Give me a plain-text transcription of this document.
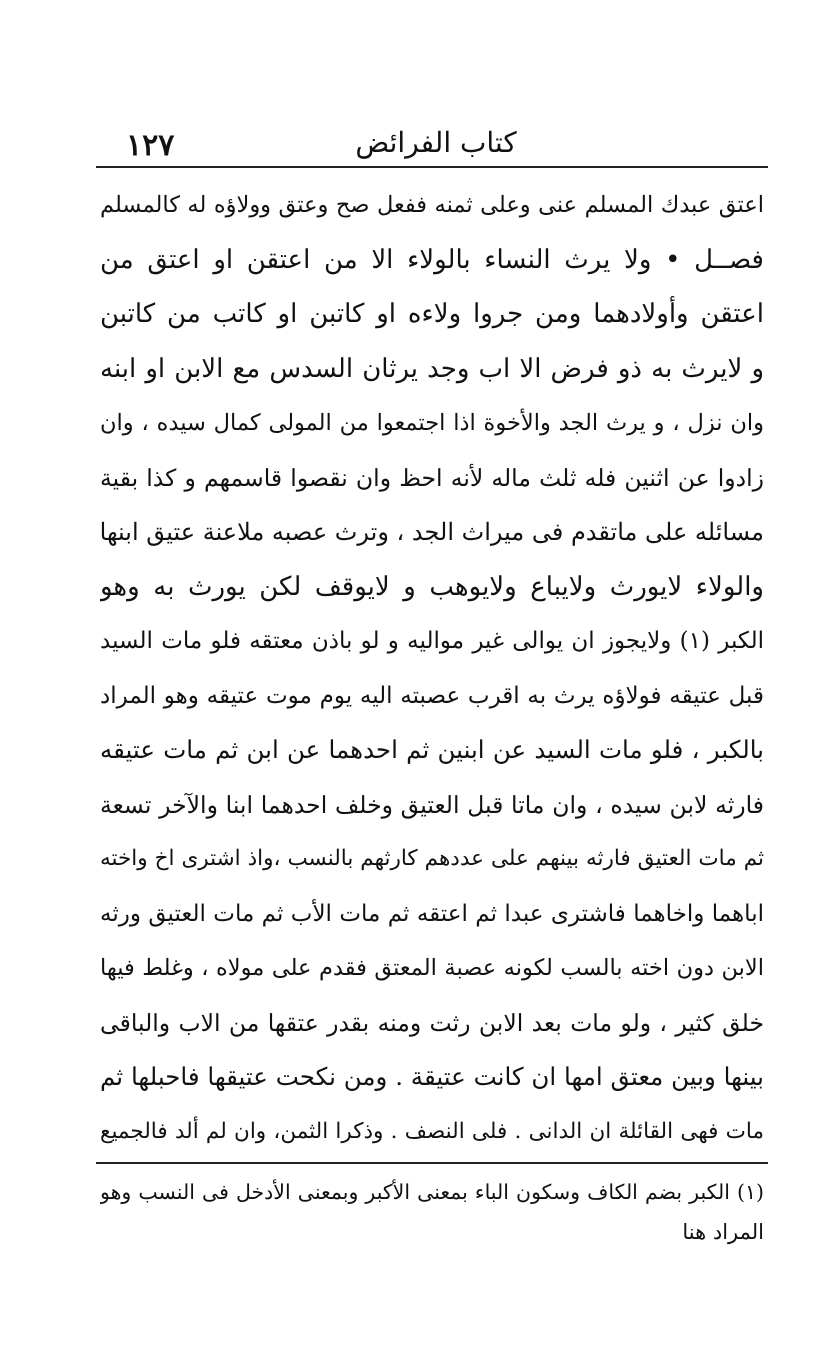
١٢٧	كتاب الفرائض
اعتق عبدك المسلم عنى وعلى ثمنه ففعل صح وعتق وولاؤه له كالمسلم
فصــل • ولا يرث النساء بالولاء الا من اعتقن او اعتق من
اعتقن وأولادهما ومن جروا ولاءه او كاتبن او كاتب من كاتبن
و لايرث به ذو فرض الا اب وجد يرثان السدس مع الابن او ابنه
وان نزل ، و يرث الجد والأخوة اذا اجتمعوا من المولى كمال سيده ، وان
زادوا عن اثنين فله ثلث ماله لأنه احظ وان نقصوا قاسمهم و كذا بقية
مسائله على ماتقدم فى ميراث الجد ، وترث عصبه ملاعنة عتيق ابنها
والولاء لايورث ولايباع ولايوهب و لايوقف لكن يورث به وهو
الكبر (١) ولايجوز ان يوالى غير مواليه و لو باذن معتقه فلو مات السيد
قبل عتيقه فولاؤه يرث به اقرب عصبته اليه يوم موت عتيقه وهو المراد
بالكبر ، فلو مات السيد عن ابنين ثم احدهما عن ابن ثم مات عتيقه
فارثه لابن سيده ، وان ماتا قبل العتيق وخلف احدهما ابنا والآخر تسعة
ثم مات العتيق فارثه بينهم على عددهم كارثهم بالنسب ،واذ اشترى اخ واخته
اباهما واخاهما فاشترى عبدا ثم اعتقه ثم مات الأب ثم مات العتيق ورثه
الابن دون اخته بالسب لكونه عصبة المعتق فقدم على مولاه ، وغلط فيها
خلق كثير ، ولو مات بعد الابن رثت ومنه بقدر عتقها من الاب والباقى
بينها وبين معتق امها ان كانت عتيقة . ومن نكحت عتيقها فاحبلها ثم
مات فهى القائلة ان الدانى . فلى النصف . وذكرا الثمن، وان لم ألد فالجميع
(١) الكبر بضم الكاف وسكون الباء بمعنى الأكبر وبمعنى الأدخل فى النسب وهو
المراد هنا
